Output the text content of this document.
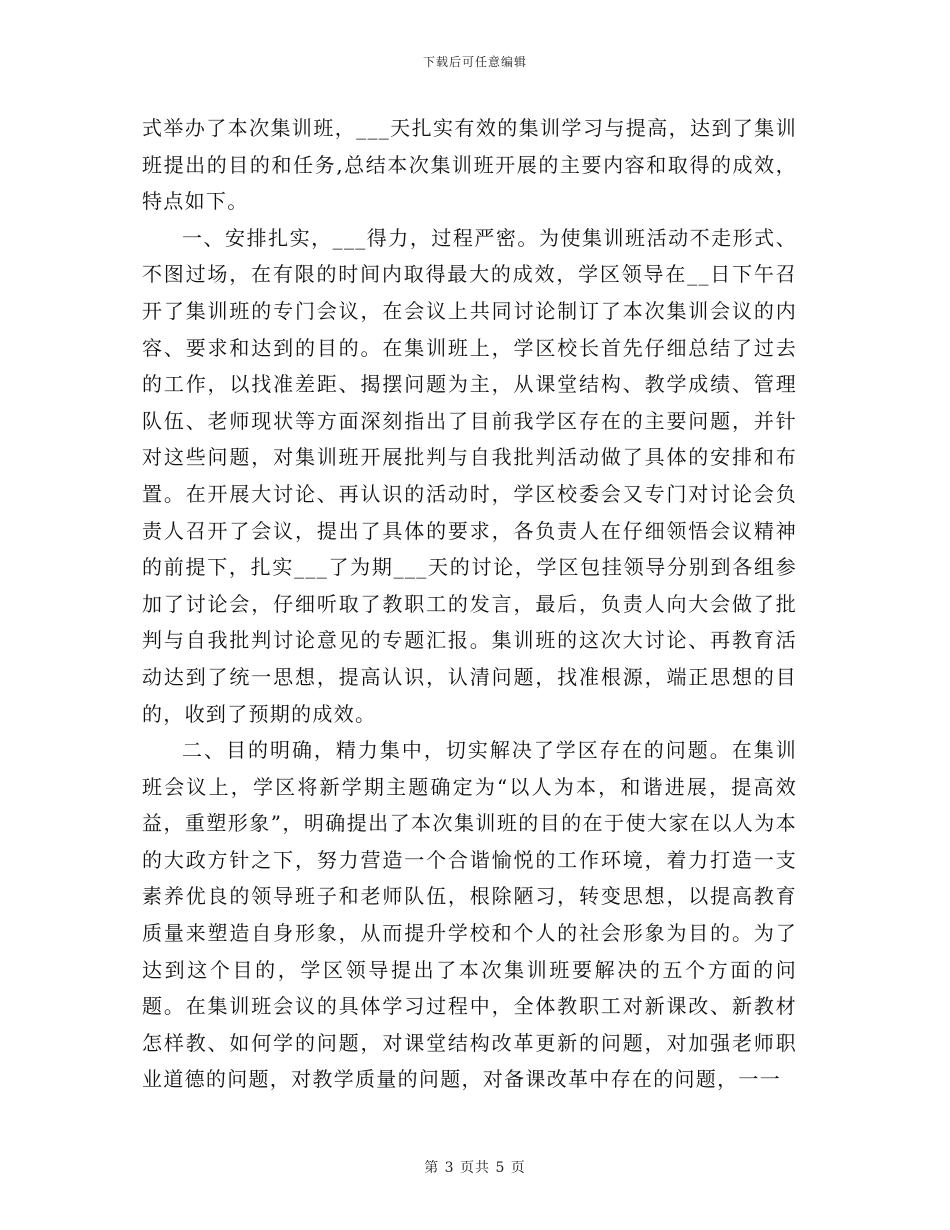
下载后可任意编辑

式举办了本次集训班，___天扎实有效的集训学习与提高，达到了集训班提出的目的和任务,总结本次集训班开展的主要内容和取得的成效，特点如下。

一、安排扎实，___得力，过程严密。为使集训班活动不走形式、不图过场，在有限的时间内取得最大的成效，学区领导在__日下午召开了集训班的专门会议，在会议上共同讨论制订了本次集训会议的内容、要求和达到的目的。在集训班上，学区校长首先仔细总结了过去的工作，以找准差距、揭摆问题为主，从课堂结构、教学成绩、管理队伍、老师现状等方面深刻指出了目前我学区存在的主要问题，并针对这些问题，对集训班开展批判与自我批判活动做了具体的安排和布置。在开展大讨论、再认识的活动时，学区校委会又专门对讨论会负责人召开了会议，提出了具体的要求，各负责人在仔细领悟会议精神的前提下，扎实___了为期___天的讨论，学区包挂领导分别到各组参加了讨论会，仔细听取了教职工的发言，最后，负责人向大会做了批判与自我批判讨论意见的专题汇报。集训班的这次大讨论、再教育活动达到了统一思想，提高认识，认清问题，找准根源，端正思想的目的，收到了预期的成效。

二、目的明确，精力集中，切实解决了学区存在的问题。在集训班会议上，学区将新学期主题确定为“以人为本，和谐进展，提高效益，重塑形象”，明确提出了本次集训班的目的在于使大家在以人为本的大政方针之下，努力营造一个合谐愉悦的工作环境，着力打造一支素养优良的领导班子和老师队伍，根除陋习，转变思想，以提高教育质量来塑造自身形象，从而提升学校和个人的社会形象为目的。为了达到这个目的，学区领导提出了本次集训班要解决的五个方面的问题。在集训班会议的具体学习过程中，全体教职工对新课改、新教材怎样教、如何学的问题，对课堂结构改革更新的问题，对加强老师职业道德的问题，对教学质量的问题，对备课改革中存在的问题，一一

第 3 页共 5 页
